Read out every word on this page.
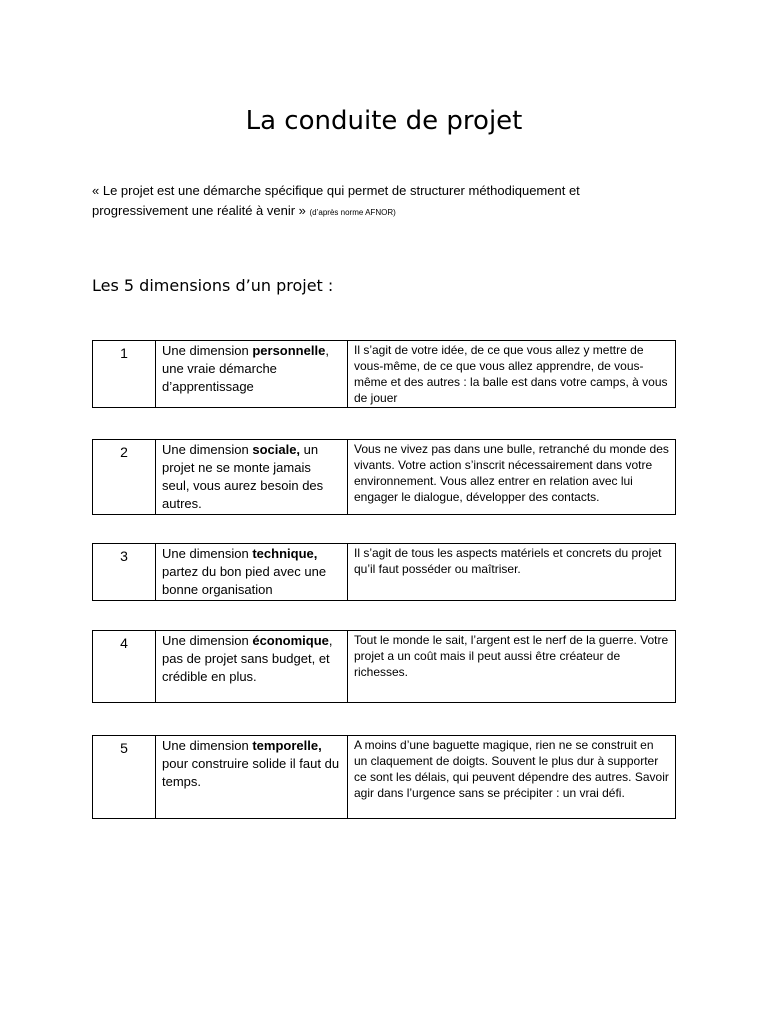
La conduite de projet

« Le projet est une démarche spécifique qui permet de structurer méthodiquement et progressivement une réalité à venir » (d’après norme AFNOR)

Les 5 dimensions d’un projet :
1	Une dimension personnelle, une vraie démarche d’apprentissage	Il s’agit de votre idée, de ce que vous allez y mettre de vous-même, de ce que vous allez apprendre, de vous-même et des autres : la balle est dans votre camps, à vous de jouer
2	Une dimension sociale, un projet ne se monte jamais seul, vous aurez besoin des autres.	Vous ne vivez pas dans une bulle, retranché du monde des vivants. Votre action s’inscrit nécessairement dans votre environnement. Vous allez entrer en relation avec lui engager le dialogue, développer des contacts.
3	Une dimension technique, partez du bon pied avec une bonne organisation	Il s’agit de tous les aspects matériels et concrets du projet qu’il faut posséder ou maîtriser.
4	Une dimension économique, pas de projet sans budget, et crédible en plus.	Tout le monde le sait, l’argent est le nerf de la guerre. Votre projet a un coût mais il peut aussi être créateur de richesses.
5	Une dimension temporelle, pour construire solide il faut du temps.	A moins d’une baguette magique, rien ne se construit en un claquement de doigts. Souvent le plus dur à supporter ce sont les délais, qui peuvent dépendre des autres. Savoir agir dans l’urgence sans se précipiter : un vrai défi.
